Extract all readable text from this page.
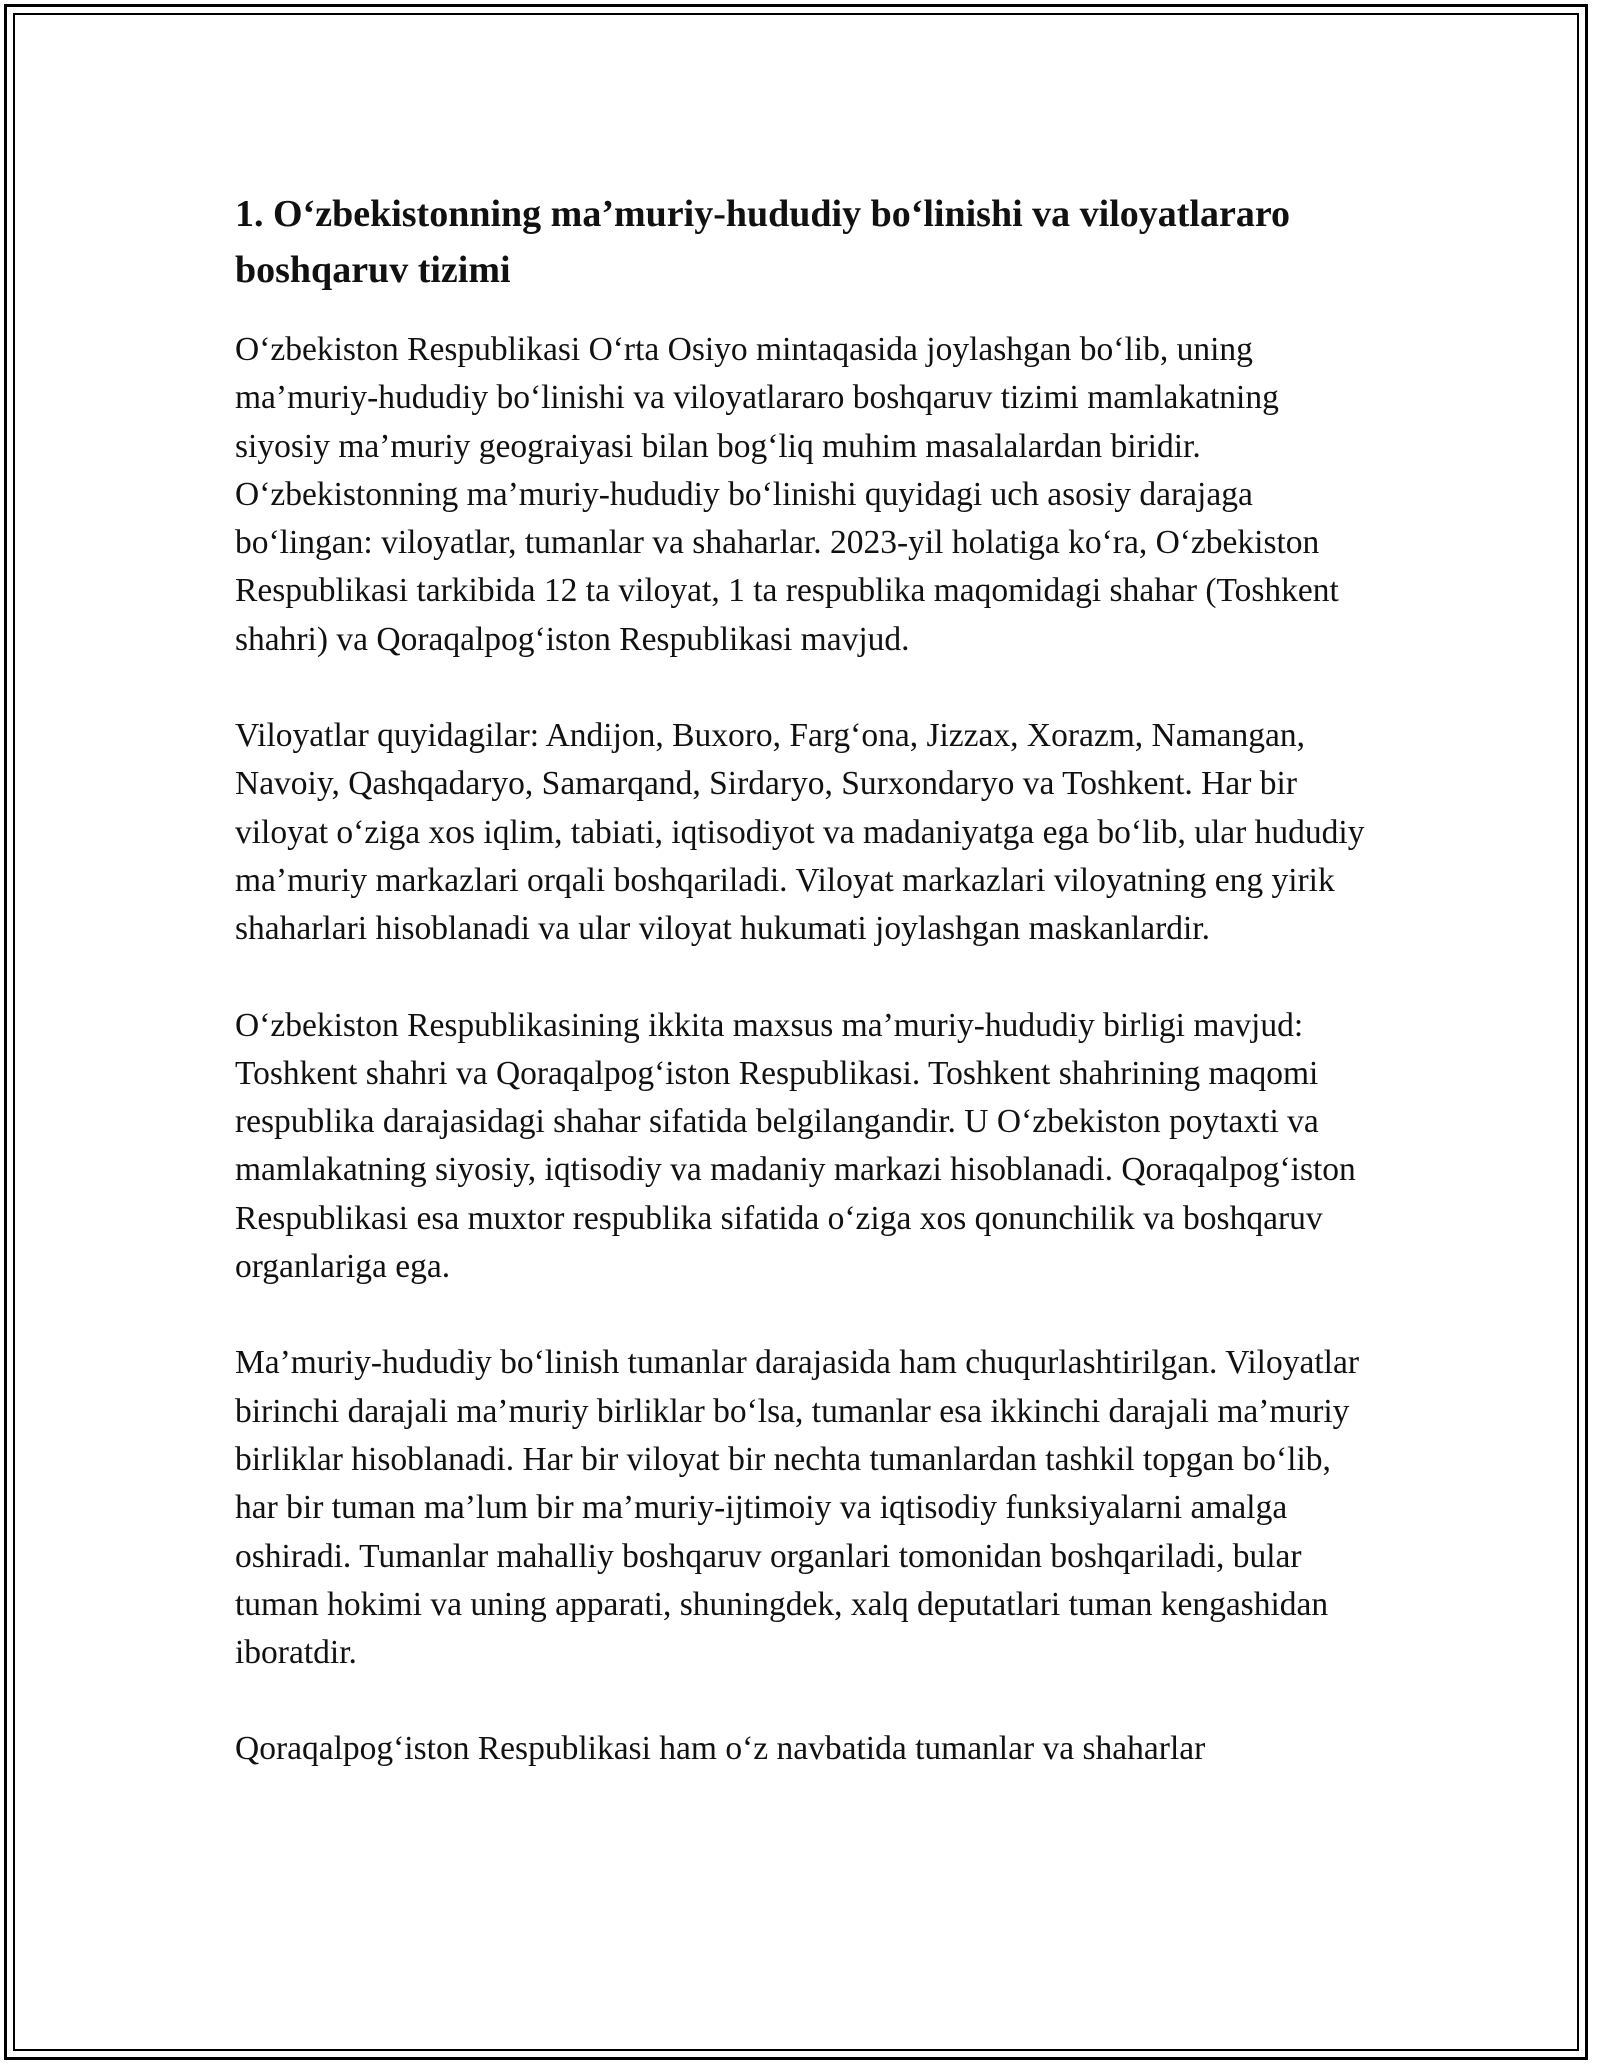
1. O‘zbekistonning ma’muriy-hududiy bo‘linishi va viloyatlararo boshqaruv tizimi

O‘zbekiston Respublikasi O‘rta Osiyo mintaqasida joylashgan bo‘lib, uning ma’muriy-hududiy bo‘linishi va viloyatlararo boshqaruv tizimi mamlakatning siyosiy ma’muriy geograiyasi bilan bog‘liq muhim masalalardan biridir. O‘zbekistonning ma’muriy-hududiy bo‘linishi quyidagi uch asosiy darajaga bo‘lingan: viloyatlar, tumanlar va shaharlar. 2023-yil holatiga ko‘ra, O‘zbekiston Respublikasi tarkibida 12 ta viloyat, 1 ta respublika maqomidagi shahar (Toshkent shahri) va Qoraqalpog‘iston Respublikasi mavjud.

Viloyatlar quyidagilar: Andijon, Buxoro, Farg‘ona, Jizzax, Xorazm, Namangan, Navoiy, Qashqadaryo, Samarqand, Sirdaryo, Surxondaryo va Toshkent. Har bir viloyat o‘ziga xos iqlim, tabiati, iqtisodiyot va madaniyatga ega bo‘lib, ular hududiy ma’muriy markazlari orqali boshqariladi. Viloyat markazlari viloyatning eng yirik shaharlari hisoblanadi va ular viloyat hukumati joylashgan maskanlardir.

O‘zbekiston Respublikasining ikkita maxsus ma’muriy-hududiy birligi mavjud: Toshkent shahri va Qoraqalpog‘iston Respublikasi. Toshkent shahrining maqomi respublika darajasidagi shahar sifatida belgilangandir. U O‘zbekiston poytaxti va mamlakatning siyosiy, iqtisodiy va madaniy markazi hisoblanadi. Qoraqalpog‘iston Respublikasi esa muxtor respublika sifatida o‘ziga xos qonunchilik va boshqaruv organlariga ega.

Ma’muriy-hududiy bo‘linish tumanlar darajasida ham chuqurlashtirilgan. Viloyatlar birinchi darajali ma’muriy birliklar bo‘lsa, tumanlar esa ikkinchi darajali ma’muriy birliklar hisoblanadi. Har bir viloyat bir nechta tumanlardan tashkil topgan bo‘lib, har bir tuman ma’lum bir ma’muriy-ijtimoiy va iqtisodiy funksiyalarni amalga oshiradi. Tumanlar mahalliy boshqaruv organlari tomonidan boshqariladi, bular tuman hokimi va uning apparati, shuningdek, xalq deputatlari tuman kengashidan iboratdir.

Qoraqalpog‘iston Respublikasi ham o‘z navbatida tumanlar va shaharlar
